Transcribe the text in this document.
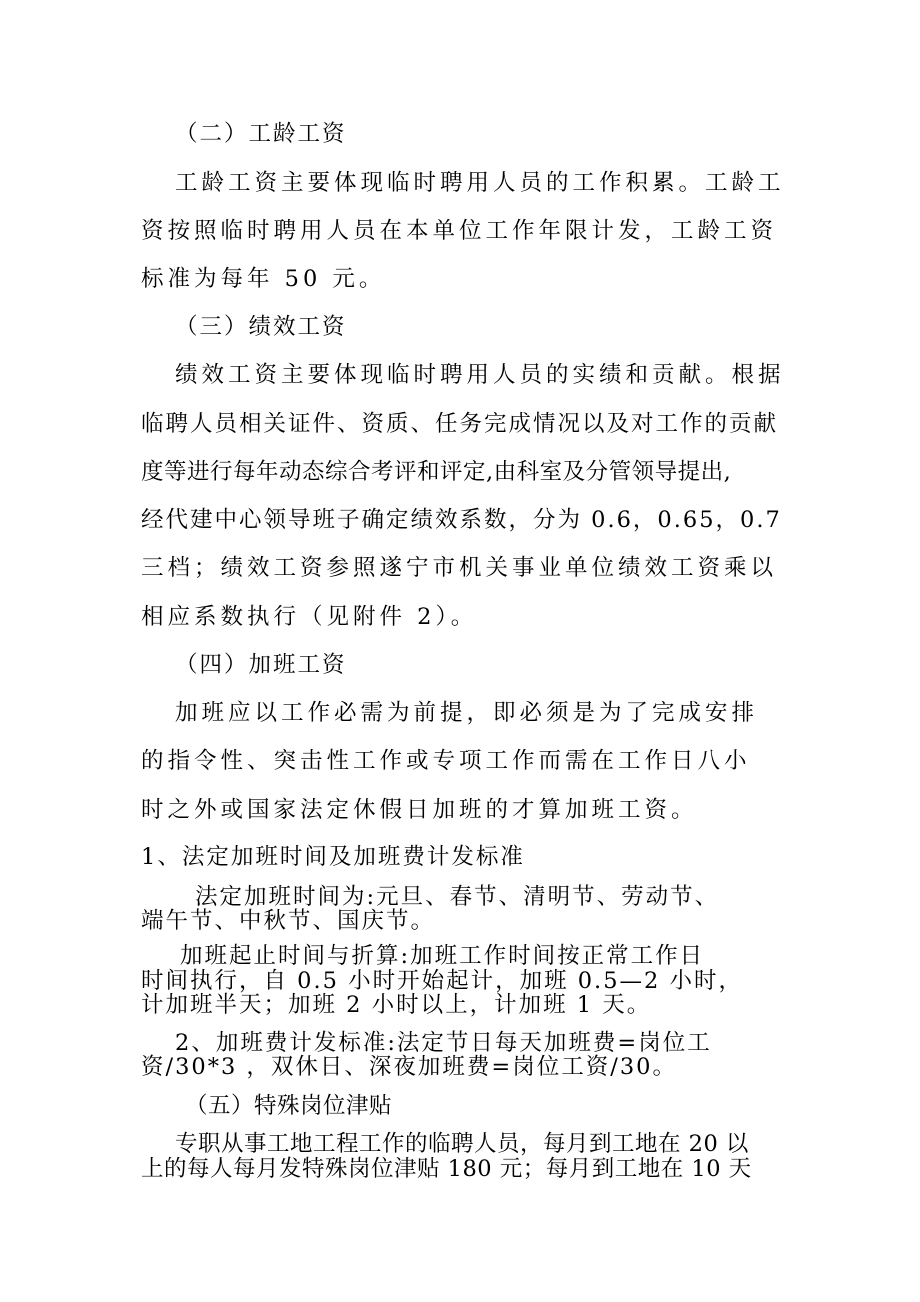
（二）工龄工资
工龄工资主要体现临时聘用人员的工作积累。工龄工
资按照临时聘用人员在本单位工作年限计发，工龄工资
标准为每年 50 元。
（三）绩效工资
绩效工资主要体现临时聘用人员的实绩和贡献。根据
临聘人员相关证件、资质、任务完成情况以及对工作的贡献
度等进行每年动态综合考评和评定,由科室及分管领导提出,
经代建中心领导班子确定绩效系数，分为 0.6，0.65，0.7
三档；绩效工资参照遂宁市机关事业单位绩效工资乘以
相应系数执行（见附件 2）。
（四）加班工资
加班应以工作必需为前提，即必须是为了完成安排
的指令性、突击性工作或专项工作而需在工作日八小
时之外或国家法定休假日加班的才算加班工资。
1、法定加班时间及加班费计发标准
法定加班时间为:元旦、春节、清明节、劳动节、
端午节、中秋节、国庆节。
加班起止时间与折算:加班工作时间按正常工作日
时间执行，自 0.5 小时开始起计，加班 0.5—2 小时，
计加班半天；加班 2 小时以上，计加班 1 天。
2、加班费计发标准:法定节日每天加班费=岗位工
资/30*3 ，双休日、深夜加班费=岗位工资/30。
（五）特殊岗位津贴
专职从事工地工程工作的临聘人员，每月到工地在 20 以
上的每人每月发特殊岗位津贴 180 元；每月到工地在 10 天
